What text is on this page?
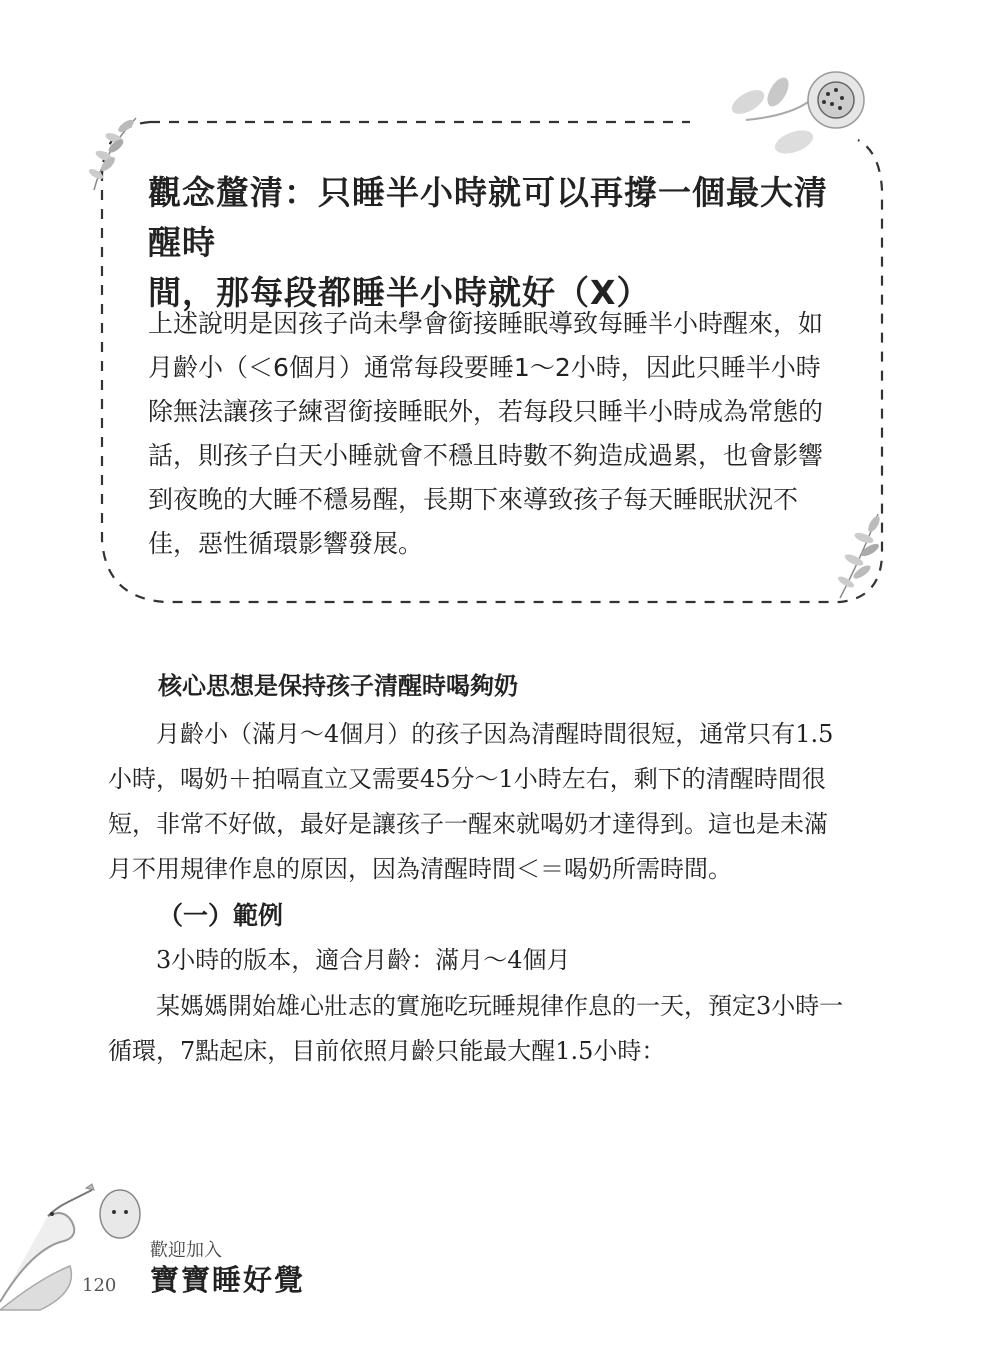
觀念釐清：只睡半小時就可以再撐一個最大清醒時
間，那每段都睡半小時就好（X）
上述說明是因孩子尚未學會銜接睡眠導致每睡半小時醒來，如
月齡小（＜6個月）通常每段要睡1～2小時，因此只睡半小時
除無法讓孩子練習銜接睡眠外，若每段只睡半小時成為常態的
話，則孩子白天小睡就會不穩且時數不夠造成過累，也會影響
到夜晚的大睡不穩易醒，長期下來導致孩子每天睡眠狀況不
佳，惡性循環影響發展。
核心思想是保持孩子清醒時喝夠奶
　　月齡小（滿月～4個月）的孩子因為清醒時間很短，通常只有1.5
小時，喝奶＋拍嗝直立又需要45分～1小時左右，剩下的清醒時間很
短，非常不好做，最好是讓孩子一醒來就喝奶才達得到。這也是未滿
月不用規律作息的原因，因為清醒時間＜＝喝奶所需時間。
（一）範例
　　3小時的版本，適合月齡：滿月～4個月
　　某媽媽開始雄心壯志的實施吃玩睡規律作息的一天，預定3小時一
循環，7點起床，目前依照月齡只能最大醒1.5小時：
120
歡迎加入
寶寶睡好覺
